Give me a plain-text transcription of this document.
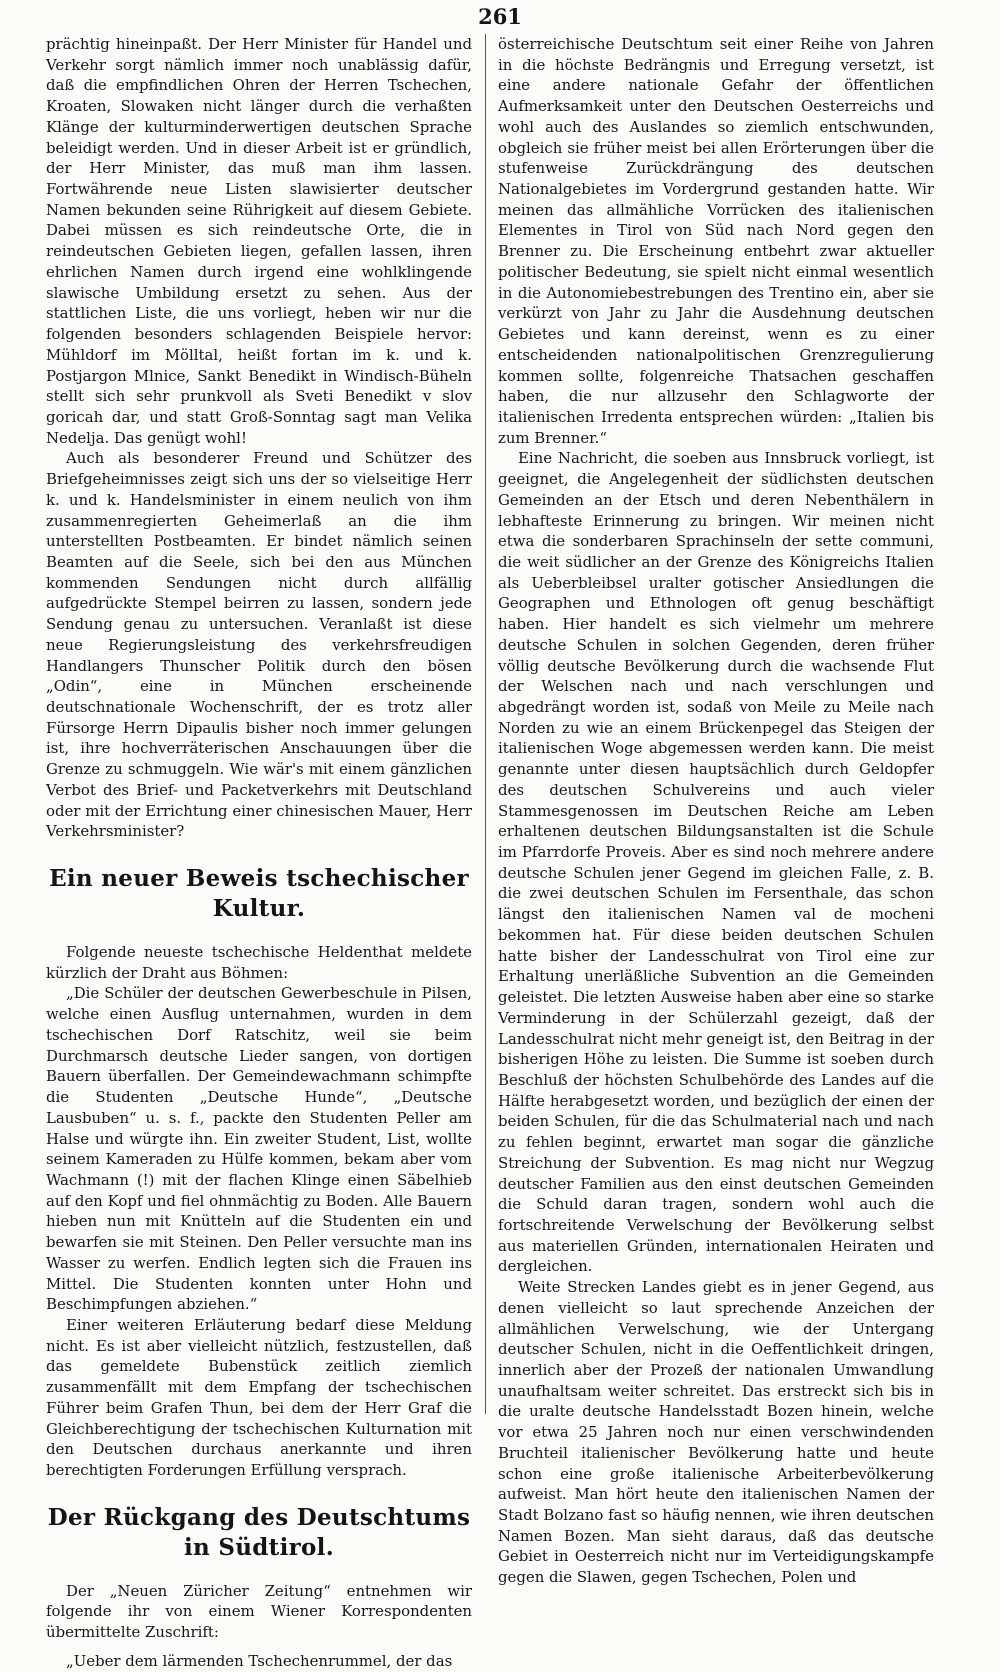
261

prächtig hineinpaßt. Der Herr Minister für Handel und Verkehr sorgt nämlich immer noch unablässig dafür, daß die empfindlichen Ohren der Herren Tschechen, Kroaten, Slowaken nicht länger durch die verhaßten Klänge der kulturminderwertigen deutschen Sprache beleidigt werden. Und in dieser Arbeit ist er gründlich, der Herr Minister, das muß man ihm lassen. Fortwährende neue Listen slawisierter deutscher Namen bekunden seine Rührigkeit auf diesem Gebiete. Dabei müssen es sich reindeutsche Orte, die in reindeutschen Gebieten liegen, gefallen lassen, ihren ehrlichen Namen durch irgend eine wohlklingende slawische Umbildung ersetzt zu sehen. Aus der stattlichen Liste, die uns vorliegt, heben wir nur die folgenden besonders schlagenden Beispiele hervor: Mühldorf im Mölltal, heißt fortan im k. und k. Postjargon Mlnice, Sankt Benedikt in Windisch-Büheln stellt sich sehr prunkvoll als Sveti Benedikt v slov goricah dar, und statt Groß-Sonntag sagt man Velika Nedelja. Das genügt wohl!

Auch als besonderer Freund und Schützer des Briefgeheimnisses zeigt sich uns der so vielseitige Herr k. und k. Handelsminister in einem neulich von ihm zusammenregierten Geheimerlaß an die ihm unterstellten Postbeamten. Er bindet nämlich seinen Beamten auf die Seele, sich bei den aus München kommenden Sendungen nicht durch allfällig aufgedrückte Stempel beirren zu lassen, sondern jede Sendung genau zu untersuchen. Veranlaßt ist diese neue Regierungsleistung des verkehrsfreudigen Handlangers Thunscher Politik durch den bösen „Odin“, eine in München erscheinende deutschnationale Wochenschrift, der es trotz aller Fürsorge Herrn Dipaulis bisher noch immer gelungen ist, ihre hochverräterischen Anschauungen über die Grenze zu schmuggeln. Wie wär's mit einem gänzlichen Verbot des Brief- und Packetverkehrs mit Deutschland oder mit der Errichtung einer chinesischen Mauer, Herr Verkehrsminister?

Ein neuer Beweis tschechischer Kultur.

Folgende neueste tschechische Heldenthat meldete kürzlich der Draht aus Böhmen:

„Die Schüler der deutschen Gewerbeschule in Pilsen, welche einen Ausflug unternahmen, wurden in dem tschechischen Dorf Ratschitz, weil sie beim Durchmarsch deutsche Lieder sangen, von dortigen Bauern überfallen. Der Gemeindewachmann schimpfte die Studenten „Deutsche Hunde“, „Deutsche Lausbuben“ u. s. f., packte den Studenten Peller am Halse und würgte ihn. Ein zweiter Student, List, wollte seinem Kameraden zu Hülfe kommen, bekam aber vom Wachmann (!) mit der flachen Klinge einen Säbelhieb auf den Kopf und fiel ohnmächtig zu Boden. Alle Bauern hieben nun mit Knütteln auf die Studenten ein und bewarfen sie mit Steinen. Den Peller versuchte man ins Wasser zu werfen. Endlich legten sich die Frauen ins Mittel. Die Studenten konnten unter Hohn und Beschimpfungen abziehen.“

Einer weiteren Erläuterung bedarf diese Meldung nicht. Es ist aber vielleicht nützlich, festzustellen, daß das gemeldete Bubenstück zeitlich ziemlich zusammenfällt mit dem Empfang der tschechischen Führer beim Grafen Thun, bei dem der Herr Graf die Gleichberechtigung der tschechischen Kulturnation mit den Deutschen durchaus anerkannte und ihren berechtigten Forderungen Erfüllung versprach.

Der Rückgang des Deutschtums in Südtirol.

Der „Neuen Züricher Zeitung“ entnehmen wir folgende ihr von einem Wiener Korrespondenten übermittelte Zuschrift:

„Ueber dem lärmenden Tschechenrummel, der das

österreichische Deutschtum seit einer Reihe von Jahren in die höchste Bedrängnis und Erregung versetzt, ist eine andere nationale Gefahr der öffentlichen Aufmerksamkeit unter den Deutschen Oesterreichs und wohl auch des Auslandes so ziemlich entschwunden, obgleich sie früher meist bei allen Erörterungen über die stufenweise Zurückdrängung des deutschen Nationalgebietes im Vordergrund gestanden hatte. Wir meinen das allmähliche Vorrücken des italienischen Elementes in Tirol von Süd nach Nord gegen den Brenner zu. Die Erscheinung entbehrt zwar aktueller politischer Bedeutung, sie spielt nicht einmal wesentlich in die Autonomiebestrebungen des Trentino ein, aber sie verkürzt von Jahr zu Jahr die Ausdehnung deutschen Gebietes und kann dereinst, wenn es zu einer entscheidenden nationalpolitischen Grenzregulierung kommen sollte, folgenreiche Thatsachen geschaffen haben, die nur allzusehr den Schlagworte der italienischen Irredenta entsprechen würden: „Italien bis zum Brenner.“

Eine Nachricht, die soeben aus Innsbruck vorliegt, ist geeignet, die Angelegenheit der südlichsten deutschen Gemeinden an der Etsch und deren Nebenthälern in lebhafteste Erinnerung zu bringen. Wir meinen nicht etwa die sonderbaren Sprachinseln der sette communi, die weit südlicher an der Grenze des Königreichs Italien als Ueberbleibsel uralter gotischer Ansiedlungen die Geographen und Ethnologen oft genug beschäftigt haben. Hier handelt es sich vielmehr um mehrere deutsche Schulen in solchen Gegenden, deren früher völlig deutsche Bevölkerung durch die wachsende Flut der Welschen nach und nach verschlungen und abgedrängt worden ist, sodaß von Meile zu Meile nach Norden zu wie an einem Brückenpegel das Steigen der italienischen Woge abgemessen werden kann. Die meist genannte unter diesen hauptsächlich durch Geldopfer des deutschen Schulvereins und auch vieler Stammesgenossen im Deutschen Reiche am Leben erhaltenen deutschen Bildungsanstalten ist die Schule im Pfarrdorfe Proveis. Aber es sind noch mehrere andere deutsche Schulen jener Gegend im gleichen Falle, z. B. die zwei deutschen Schulen im Fersenthale, das schon längst den italienischen Namen val de mocheni bekommen hat. Für diese beiden deutschen Schulen hatte bisher der Landesschulrat von Tirol eine zur Erhaltung unerläßliche Subvention an die Gemeinden geleistet. Die letzten Ausweise haben aber eine so starke Verminderung in der Schülerzahl gezeigt, daß der Landesschulrat nicht mehr geneigt ist, den Beitrag in der bisherigen Höhe zu leisten. Die Summe ist soeben durch Beschluß der höchsten Schulbehörde des Landes auf die Hälfte herabgesetzt worden, und bezüglich der einen der beiden Schulen, für die das Schulmaterial nach und nach zu fehlen beginnt, erwartet man sogar die gänzliche Streichung der Subvention. Es mag nicht nur Wegzug deutscher Familien aus den einst deutschen Gemeinden die Schuld daran tragen, sondern wohl auch die fortschreitende Verwelschung der Bevölkerung selbst aus materiellen Gründen, internationalen Heiraten und dergleichen.

Weite Strecken Landes giebt es in jener Gegend, aus denen vielleicht so laut sprechende Anzeichen der allmählichen Verwelschung, wie der Untergang deutscher Schulen, nicht in die Oeffentlichkeit dringen, innerlich aber der Prozeß der nationalen Umwandlung unaufhaltsam weiter schreitet. Das erstreckt sich bis in die uralte deutsche Handelsstadt Bozen hinein, welche vor etwa 25 Jahren noch nur einen verschwindenden Bruchteil italienischer Bevölkerung hatte und heute schon eine große italienische Arbeiterbevölkerung aufweist. Man hört heute den italienischen Namen der Stadt Bolzano fast so häufig nennen, wie ihren deutschen Namen Bozen. Man sieht daraus, daß das deutsche Gebiet in Oesterreich nicht nur im Verteidigungskampfe gegen die Slawen, gegen Tschechen, Polen und
